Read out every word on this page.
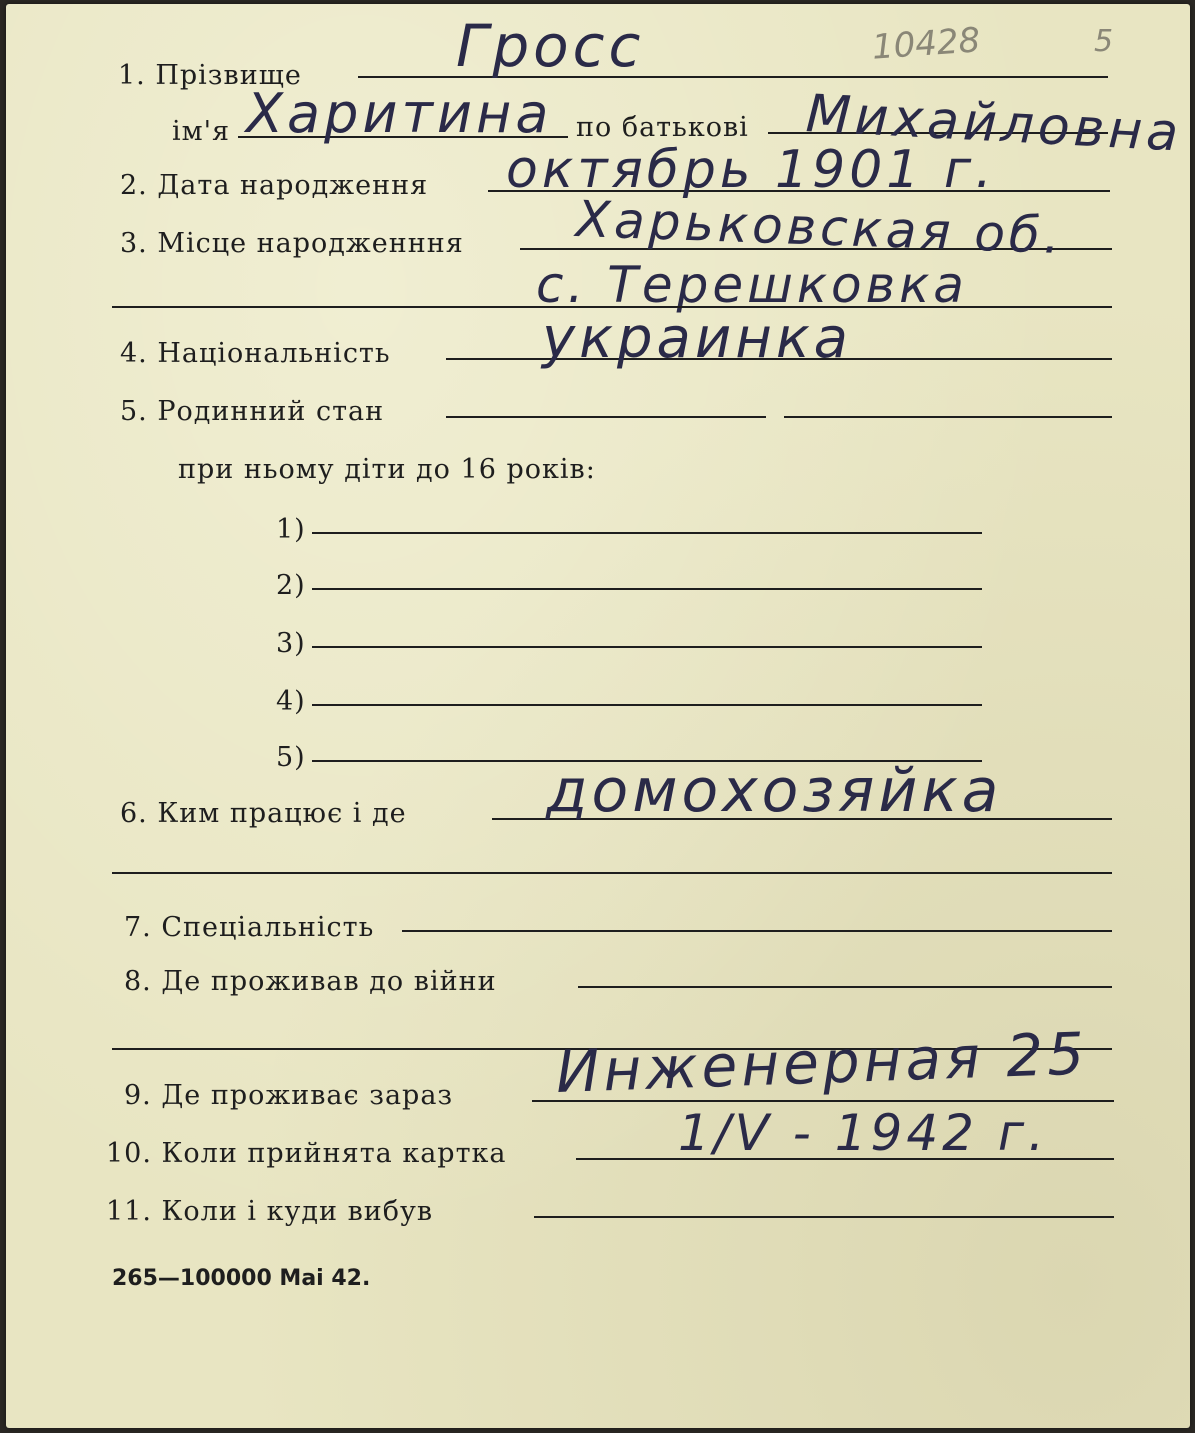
10428	5
1. Прізвище	Гросс
ім'я Харитина по батькові Михайловна
2. Дата народження октябрь 1901 г.
3. Місце народженння Харьковская об.
с. Терешковка
4. Національність	украинка
5. Родинний стан
при ньому діти до 16 років:
1)
2)
3)
4)
5)
6. Ким працює і де домохозяйка
7. Спеціальність
8. Де проживав до війни
9. Де проживає зараз Инженерная 25
10. Коли прийнята картка	1/V - 1942 г.
11. Коли і куди вибув
265—100000 Mai 42.
